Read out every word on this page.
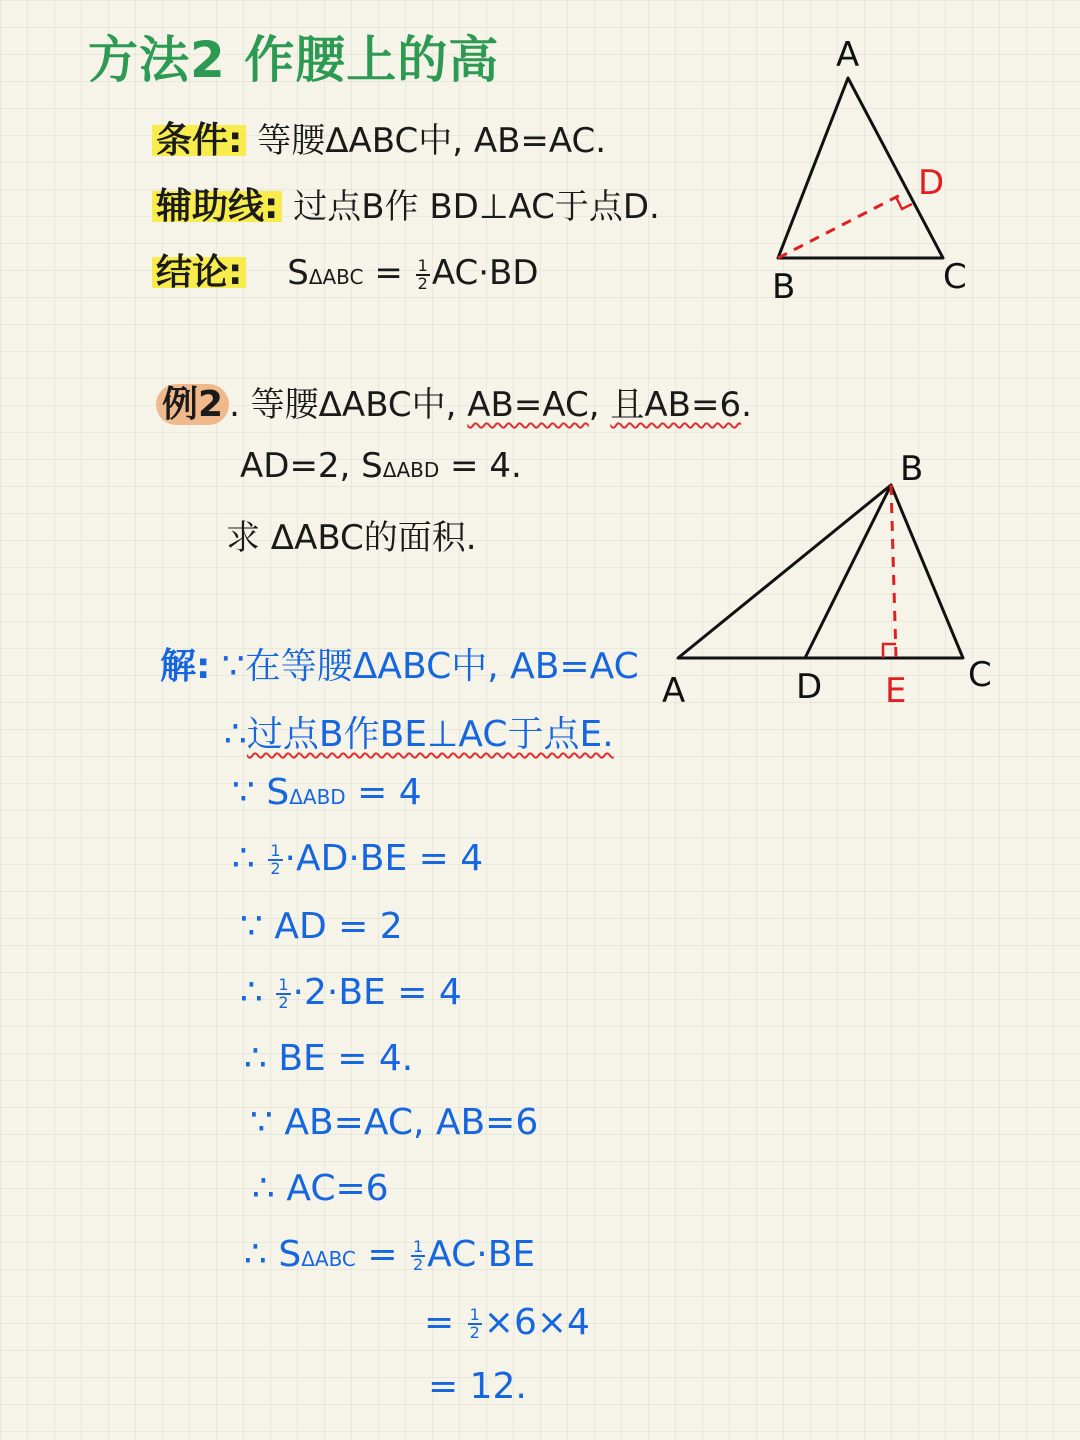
方法2 作腰上的高
条件: 等腰ΔABC中, AB=AC.
辅助线: 过点B作 BD⊥AC于点D.
结论: $S\Delta ABC = \frac{1}{2} AC\cdot BD$
A
B	C
D
例2 . 等腰ΔABC中, AB=AC, 且AB=6.
AD=2, SΔABD = 4.
求 ΔABC的面积.
B
A	D E C
解: ∵在等腰ΔABC中, AB=AC
∴过点B作BE⊥AC于点E.
∵ SΔABD = 4
∴ $\frac{1}{2} \cdot AD\cdot BE = 4$
∵ AD = 2
∴ $\frac{1}{2} \cdot 2\cdot BE = 4$
∴ BE = 4.
∵ AB=AC, AB=6
∴ AC=6
∴ $S\Delta ABC = \frac{1}{2} AC\cdot BE$
= $\frac{1}{2} \times 6\times 4$
= 12.
